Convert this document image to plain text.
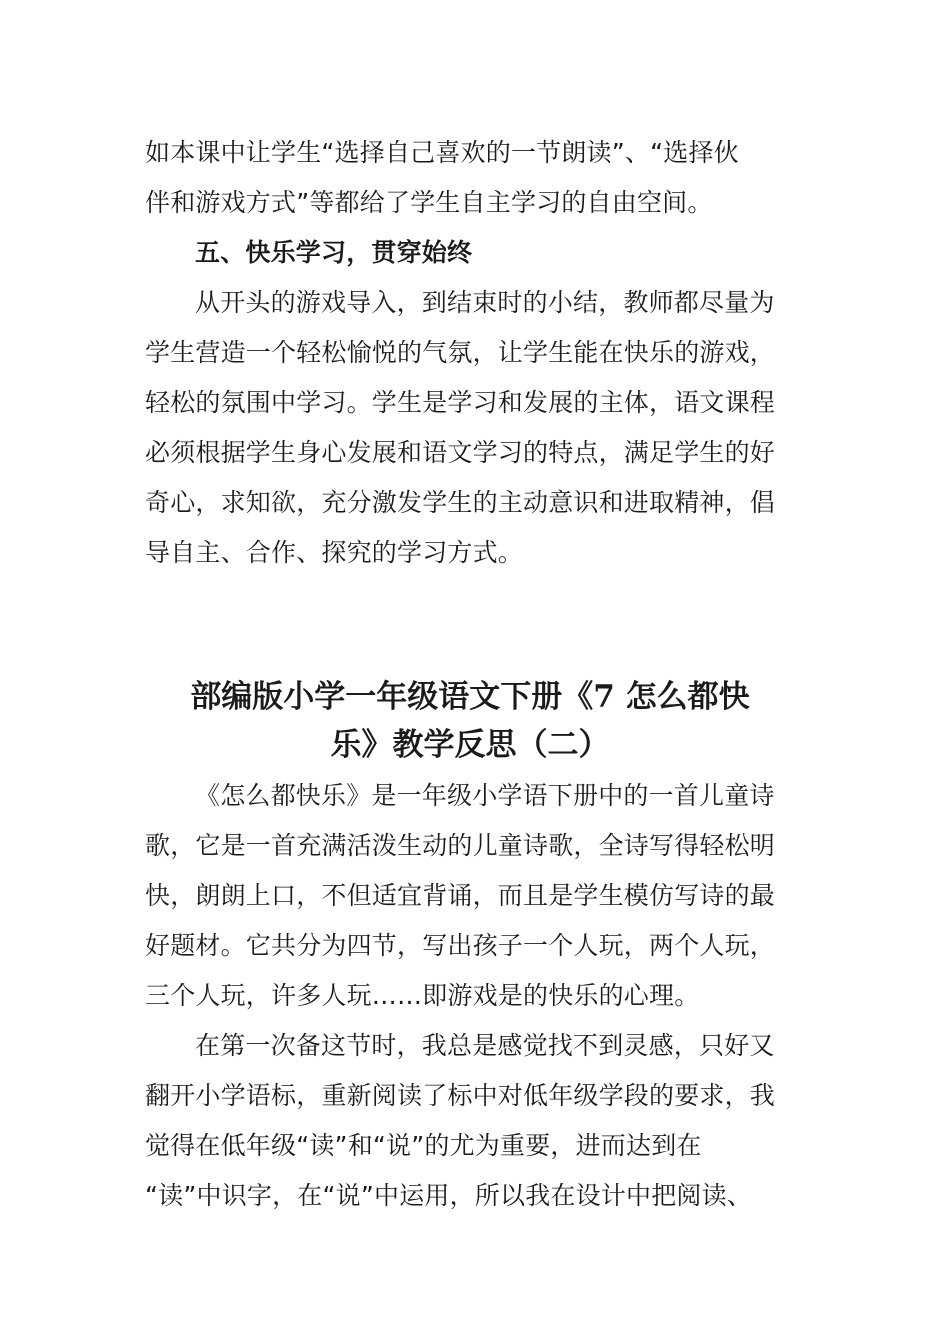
如本课中让学生“选择自己喜欢的一节朗读”、“选择伙
伴和游戏方式”等都给了学生自主学习的自由空间。
五、快乐学习，贯穿始终
从开头的游戏导入，到结束时的小结，教师都尽量为
学生营造一个轻松愉悦的气氛，让学生能在快乐的游戏，
轻松的氛围中学习。学生是学习和发展的主体，语文课程
必须根据学生身心发展和语文学习的特点，满足学生的好
奇心，求知欲，充分激发学生的主动意识和进取精神，倡
导自主、合作、探究的学习方式。
部编版小学一年级语文下册《7 怎么都快
乐》教学反思（二）
《怎么都快乐》是一年级小学语下册中的一首儿童诗
歌，它是一首充满活泼生动的儿童诗歌，全诗写得轻松明
快，朗朗上口，不但适宜背诵，而且是学生模仿写诗的最
好题材。它共分为四节，写出孩子一个人玩，两个人玩，
三个人玩，许多人玩……即游戏是的快乐的心理。
在第一次备这节时，我总是感觉找不到灵感，只好又
翻开小学语标，重新阅读了标中对低年级学段的要求，我
觉得在低年级“读”和“说”的尤为重要，进而达到在
“读”中识字，在“说”中运用，所以我在设计中把阅读、
